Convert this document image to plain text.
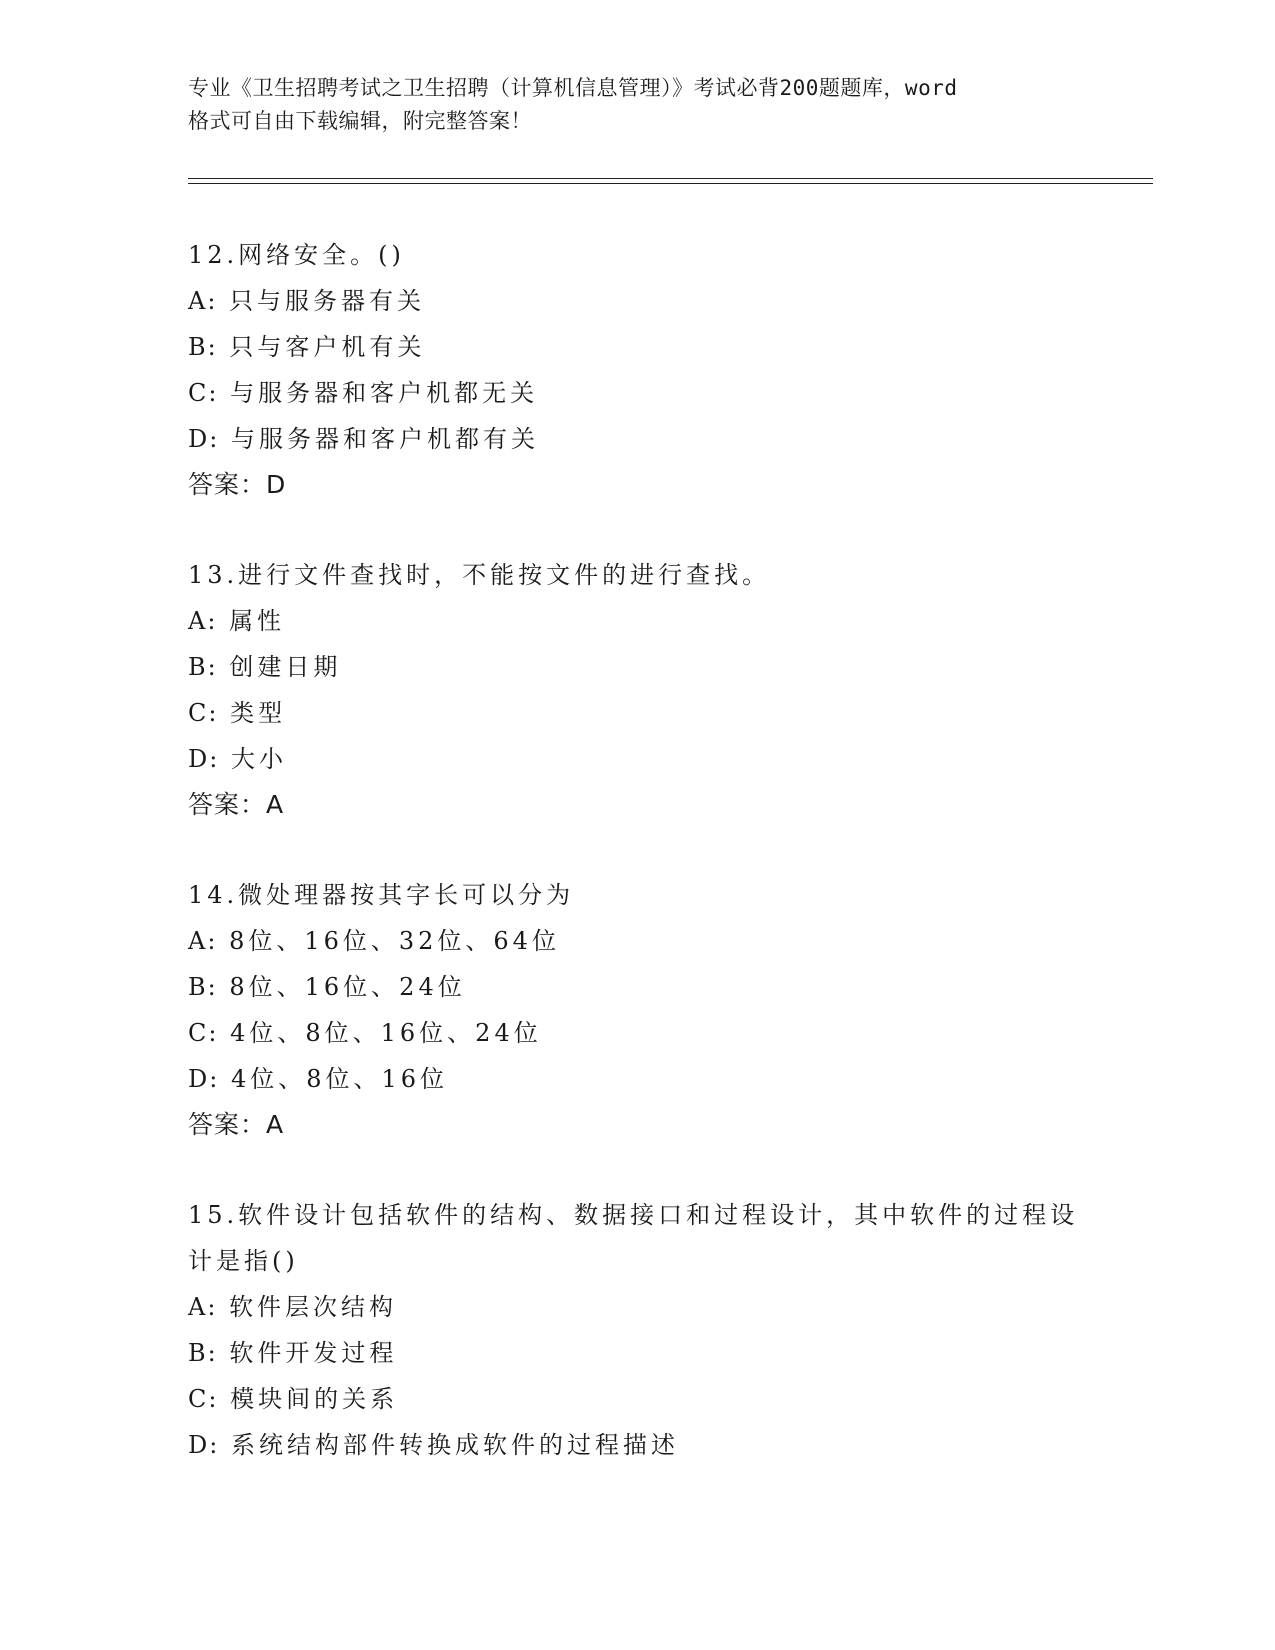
专业《卫生招聘考试之卫生招聘（计算机信息管理）》考试必背200题题库，word
格式可自由下载编辑，附完整答案！
12.网络安全。()
A: 只与服务器有关
B: 只与客户机有关
C: 与服务器和客户机都无关
D: 与服务器和客户机都有关
答案：D
13.进行文件查找时，不能按文件的进行查找。
A: 属性
B: 创建日期
C: 类型
D: 大小
答案：A
14.微处理器按其字长可以分为
A: 8位、16位、32位、64位
B: 8位、16位、24位
C: 4位、8位、16位、24位
D: 4位、8位、16位
答案：A
15.软件设计包括软件的结构、数据接口和过程设计，其中软件的过程设计是指()
A: 软件层次结构
B: 软件开发过程
C: 模块间的关系
D: 系统结构部件转换成软件的过程描述
